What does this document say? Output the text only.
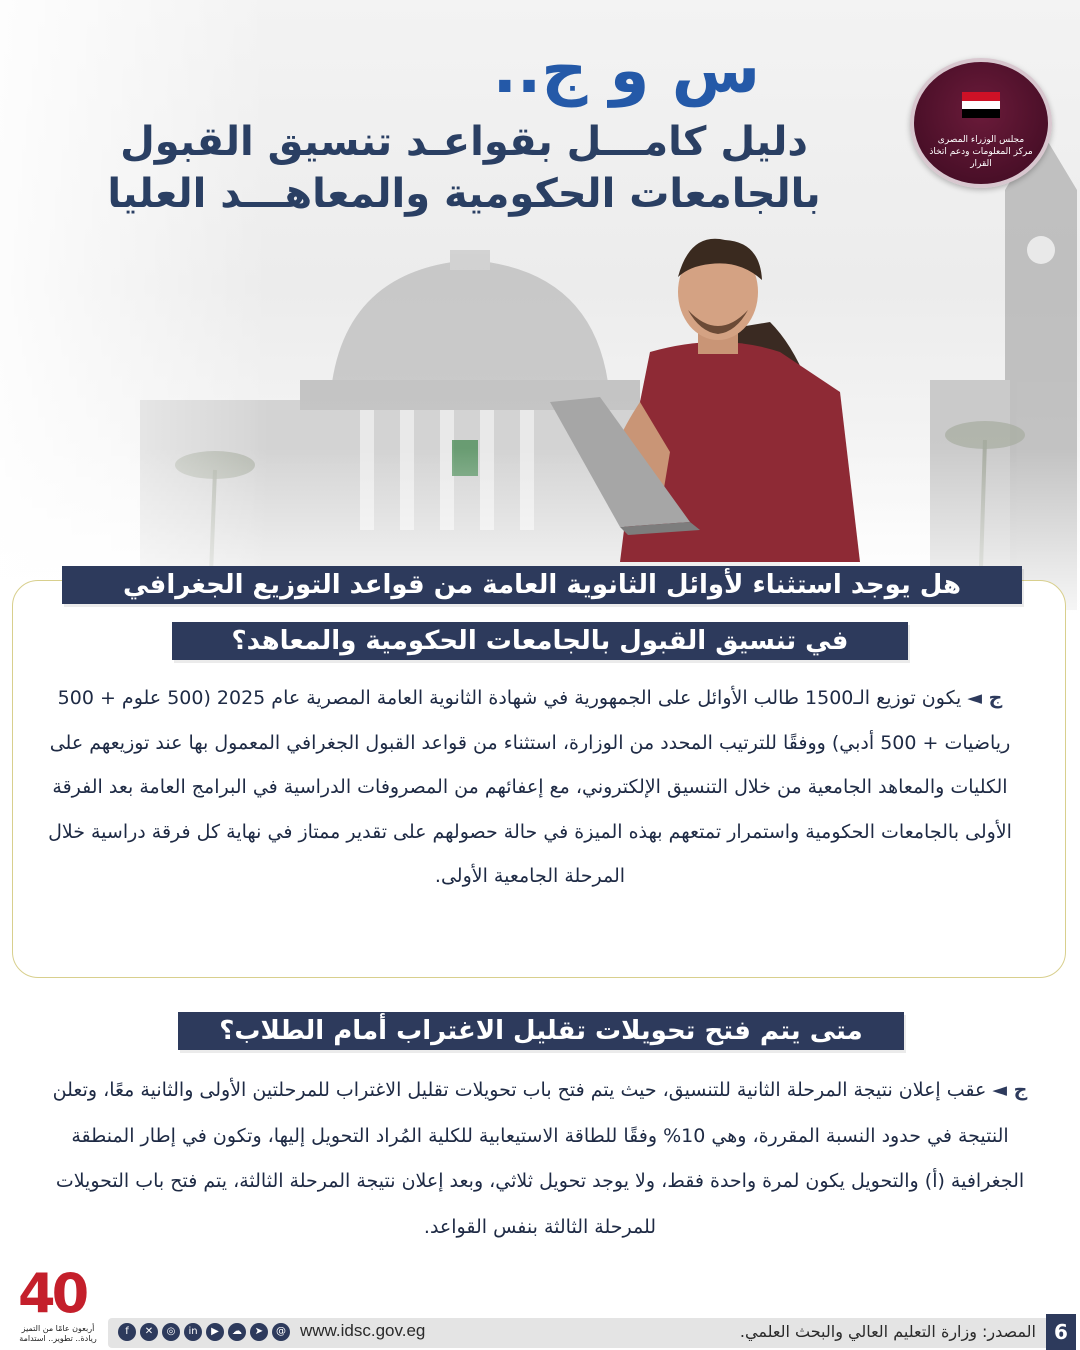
مجلس الوزراء المصرى
مركز المعلومات ودعم اتخاذ القرار
س و ج..
دليل كامـــل بقواعـد تنسيق القبول
بالجامعات الحكومية والمعاهـــد العليا
هل يوجد استثناء لأوائل الثانوية العامة من قواعد التوزيع الجغرافي
في تنسيق القبول بالجامعات الحكومية والمعاهد؟
ج ◄ يكون توزيع الـ1500 طالب الأوائل على الجمهورية في شهادة الثانوية العامة المصرية عام 2025 (500 علوم + 500 رياضيات + 500 أدبي) ووفقًا للترتيب المحدد من الوزارة، استثناء من قواعد القبول الجغرافي المعمول بها عند توزيعهم على الكليات والمعاهد الجامعية من خلال التنسيق الإلكتروني، مع إعفائهم من المصروفات الدراسية في البرامج العامة بعد الفرقة الأولى بالجامعات الحكومية واستمرار تمتعهم بهذه الميزة في حالة حصولهم على تقدير ممتاز في نهاية كل فرقة دراسية خلال المرحلة الجامعية الأولى.
متى يتم فتح تحويلات تقليل الاغتراب أمام الطلاب؟
ج ◄ عقب إعلان نتيجة المرحلة الثانية للتنسيق، حيث يتم فتح باب تحويلات تقليل الاغتراب للمرحلتين الأولى والثانية معًا، وتعلن النتيجة في حدود النسبة المقررة، وهي 10% وفقًا للطاقة الاستيعابية للكلية المُراد التحويل إليها، وتكون في إطار المنطقة الجغرافية (أ) والتحويل يكون لمرة واحدة فقط، ولا يوجد تحويل ثلاثي، وبعد إعلان نتيجة المرحلة الثالثة، يتم فتح باب التحويلات للمرحلة الثالثة بنفس القواعد.
40
أربعون عامًا من التميز
ريادة.. تطوير.. استدامة
f	✕	◎	in	▶	☁	➤	@ www.idsc.gov.eg	المصدر: وزارة التعليم العالي والبحث العلمي. 6
